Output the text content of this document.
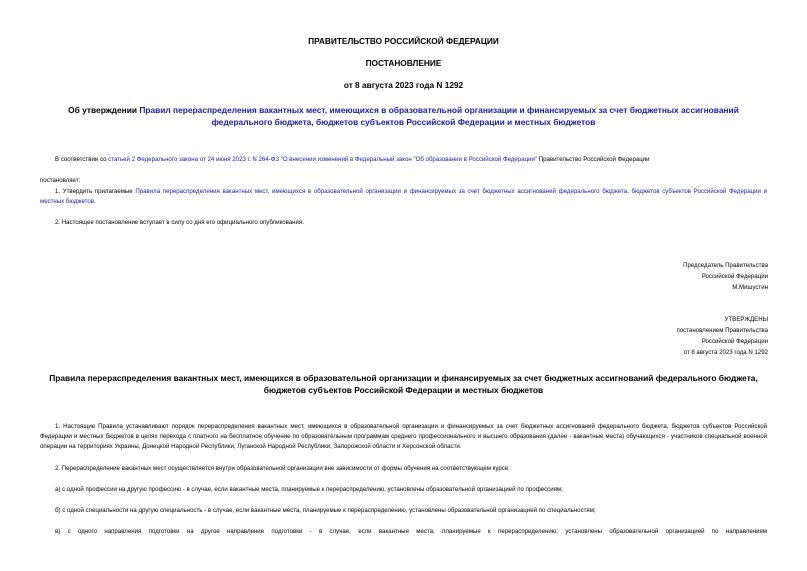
ПРАВИТЕЛЬСТВО РОССИЙСКОЙ ФЕДЕРАЦИИ
ПОСТАНОВЛЕНИЕ
от 8 августа 2023 года N 1292
Об утверждении Правил перераспределения вакантных мест, имеющихся в образовательной организации и финансируемых за счет бюджетных ассигнований федерального бюджета, бюджетов субъектов Российской Федерации и местных бюджетов
В соответствии со статьей 2 Федерального закона от 24 июня 2023 г. N 264-ФЗ "О внесении изменений в Федеральный закон "Об образовании в Российской Федерации" Правительство Российской Федерации
постановляет:
1. Утвердить прилагаемые Правила перераспределения вакантных мест, имеющихся в образовательной организации и финансируемых за счет бюджетных ассигнований федерального бюджета, бюджетов субъектов Российской Федерации и местных бюджетов.
2. Настоящее постановление вступает в силу со дня его официального опубликования.
Председатель Правительства
Российской Федерации
М.Мишустин
УТВЕРЖДЕНЫ
постановлением Правительства
Российской Федерации
от 8 августа 2023 года N 1292
Правила перераспределения вакантных мест, имеющихся в образовательной организации и финансируемых за счет бюджетных ассигнований федерального бюджета, бюджетов субъектов Российской Федерации и местных бюджетов
1. Настоящие Правила устанавливают порядок перераспределения вакантных мест, имеющихся в образовательной организации и финансируемых за счет бюджетных ассигнований федерального бюджета, бюджетов субъектов Российской Федерации и местных бюджетов в целях перехода с платного на бесплатное обучение по образовательным программам среднего профессионального и высшего образования (далее - вакантные места) обучающихся - участников специальной военной операции на территориях Украины, Донецкой Народной Республики, Луганской Народной Республики, Запорожской области и Херсонской области.
2. Перераспределение вакантных мест осуществляется внутри образовательной организации вне зависимости от формы обучения на соответствующем курсе:
а) с одной профессии на другую профессию - в случае, если вакантные места, планируемые к перераспределению, установлены образовательной организацией по профессиям;
б) с одной специальности на другую специальность - в случае, если вакантные места, планируемые к перераспределению, установлены образовательной организацией по специальностям;
в) с одного направления подготовки на другое направление подготовки - в случае, если вакантные места, планируемые к перераспределению, установлены образовательной организацией по направлениям
